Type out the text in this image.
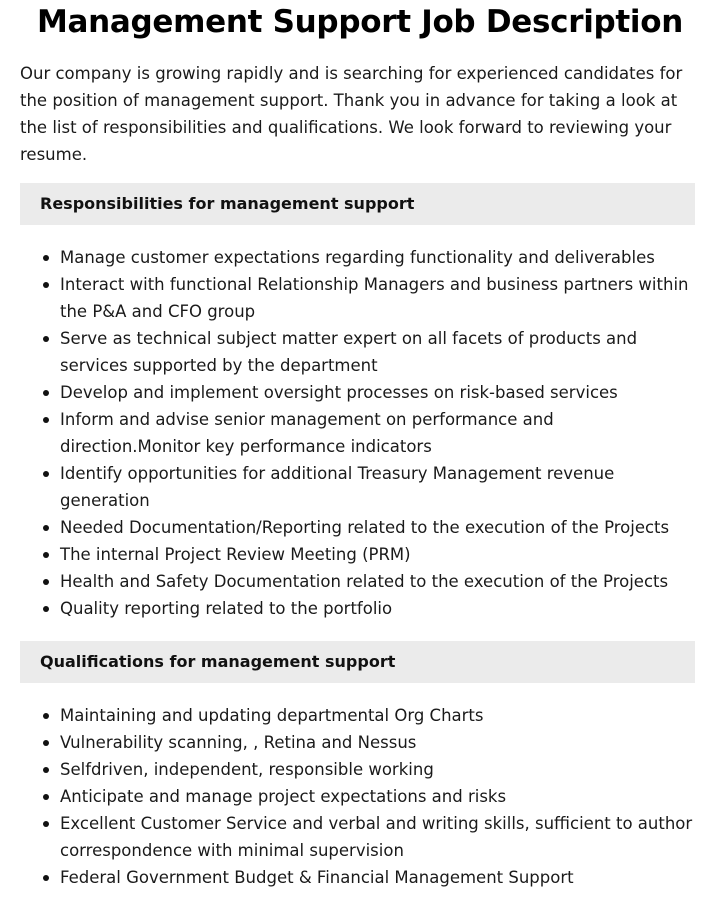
Management Support Job Description

Our company is growing rapidly and is searching for experienced candidates for the position of management support. Thank you in advance for taking a look at the list of responsibilities and qualifications. We look forward to reviewing your resume.

Responsibilities for management support
Manage customer expectations regarding functionality and deliverables
Interact with functional Relationship Managers and business partners within the P&A and CFO group
Serve as technical subject matter expert on all facets of products and services supported by the department
Develop and implement oversight processes on risk-based services
Inform and advise senior management on performance and direction.Monitor key performance indicators
Identify opportunities for additional Treasury Management revenue generation
Needed Documentation/Reporting related to the execution of the Projects
The internal Project Review Meeting (PRM)
Health and Safety Documentation related to the execution of the Projects
Quality reporting related to the portfolio
Qualifications for management support
Maintaining and updating departmental Org Charts
Vulnerability scanning, , Retina and Nessus
Selfdriven, independent, responsible working
Anticipate and manage project expectations and risks
Excellent Customer Service and verbal and writing skills, sufficient to author correspondence with minimal supervision
Federal Government Budget & Financial Management Support
